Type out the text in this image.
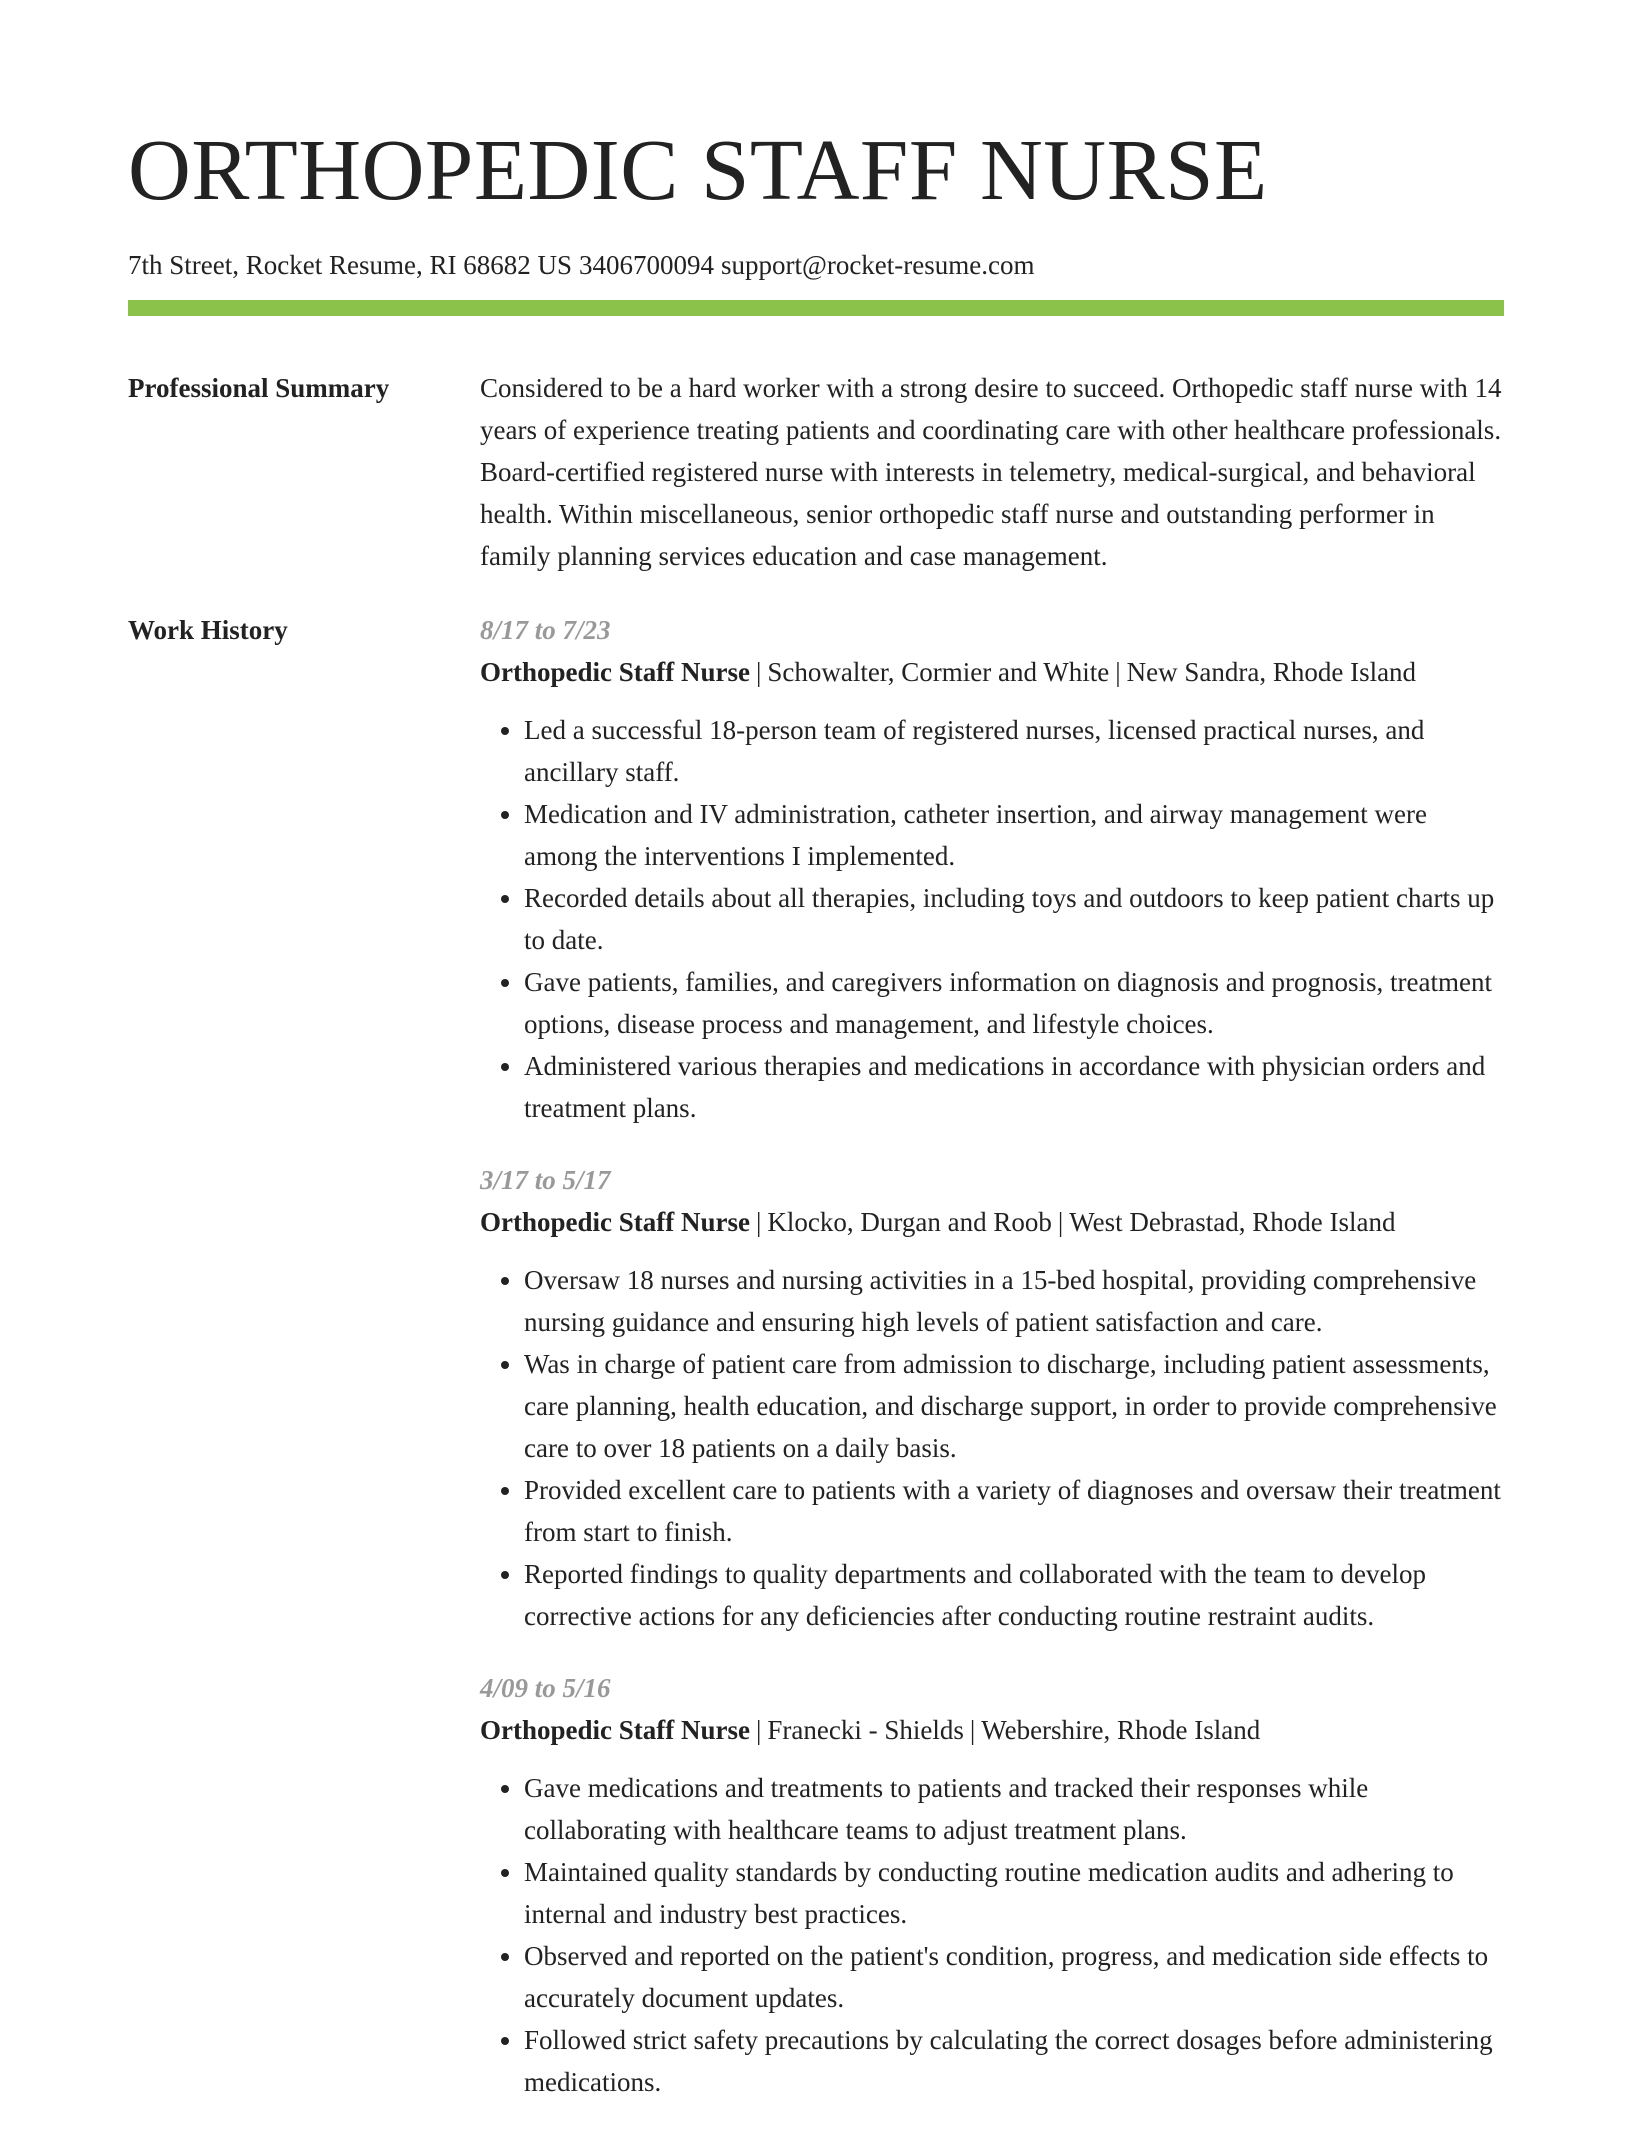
ORTHOPEDIC STAFF NURSE
7th Street, Rocket Resume, RI 68682 US 3406700094 support@rocket-resume.com
Professional Summary	Considered to be a hard worker with a strong desire to succeed. Orthopedic staff nurse with 14 years of experience treating patients and coordinating care with other healthcare professionals. Board-certified registered nurse with interests in telemetry, medical-surgical, and behavioral health. Within miscellaneous, senior orthopedic staff nurse and outstanding performer in family planning services education and case management.

Work History	8/17 to 7/23
Orthopedic Staff Nurse | Schowalter, Cormier and White | New Sandra, Rhode Island
• Led a successful 18-person team of registered nurses, licensed practical nurses, and ancillary staff.
• Medication and IV administration, catheter insertion, and airway management were among the interventions I implemented.
• Recorded details about all therapies, including toys and outdoors to keep patient charts up to date.
• Gave patients, families, and caregivers information on diagnosis and prognosis, treatment options, disease process and management, and lifestyle choices.
• Administered various therapies and medications in accordance with physician orders and treatment plans.
3/17 to 5/17
Orthopedic Staff Nurse | Klocko, Durgan and Roob | West Debrastad, Rhode Island
• Oversaw 18 nurses and nursing activities in a 15-bed hospital, providing comprehensive nursing guidance and ensuring high levels of patient satisfaction and care.
• Was in charge of patient care from admission to discharge, including patient assessments, care planning, health education, and discharge support, in order to provide comprehensive care to over 18 patients on a daily basis.
• Provided excellent care to patients with a variety of diagnoses and oversaw their treatment from start to finish.
• Reported findings to quality departments and collaborated with the team to develop corrective actions for any deficiencies after conducting routine restraint audits.
4/09 to 5/16
Orthopedic Staff Nurse | Franecki - Shields | Webershire, Rhode Island
• Gave medications and treatments to patients and tracked their responses while collaborating with healthcare teams to adjust treatment plans.
• Maintained quality standards by conducting routine medication audits and adhering to internal and industry best practices.
• Observed and reported on the patient's condition, progress, and medication side effects to accurately document updates.
• Followed strict safety precautions by calculating the correct dosages before administering medications.
